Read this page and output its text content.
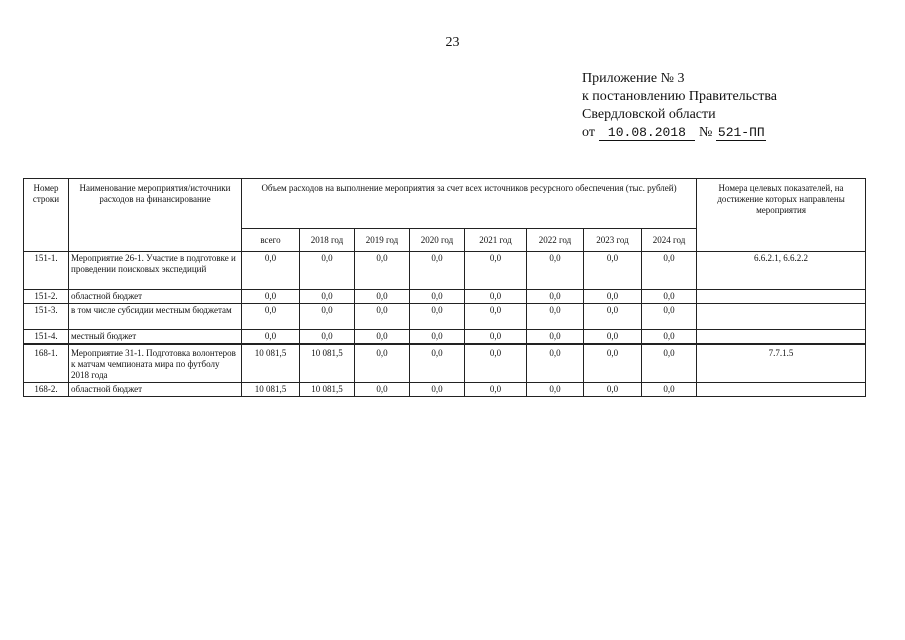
23
Приложение № 3
к постановлению Правительства
Свердловской области
от 10.08.2018 № 521-ПП
Номер строки	Наименование мероприятия/источники расходов на финансирование	Объем расходов на выполнение мероприятия за счет всех источников ресурсного обеспечения (тыс. рублей)								Номера целевых показателей, на достижение которых направлены мероприятия
		всего	2018 год	2019 год	2020 год	2021 год	2022 год	2023 год	2024 год	
151-1.	Мероприятие 26-1. Участие в подготовке и проведении поисковых экспедиций	0,0	0,0	0,0	0,0	0,0	0,0	0,0	0,0	6.6.2.1, 6.6.2.2
151-2.	областной бюджет	0,0	0,0	0,0	0,0	0,0	0,0	0,0	0,0	
151-3.	в том числе субсидии местным бюджетам	0,0	0,0	0,0	0,0	0,0	0,0	0,0	0,0	
151-4.	местный бюджет	0,0	0,0	0,0	0,0	0,0	0,0	0,0	0,0	
168-1.	Мероприятие 31-1. Подготовка волонтеров к матчам чемпионата мира по футболу 2018 года	10 081,5	10 081,5	0,0	0,0	0,0	0,0	0,0	0,0	7.7.1.5
168-2.	областной бюджет	10 081,5	10 081,5	0,0	0,0	0,0	0,0	0,0	0,0	
